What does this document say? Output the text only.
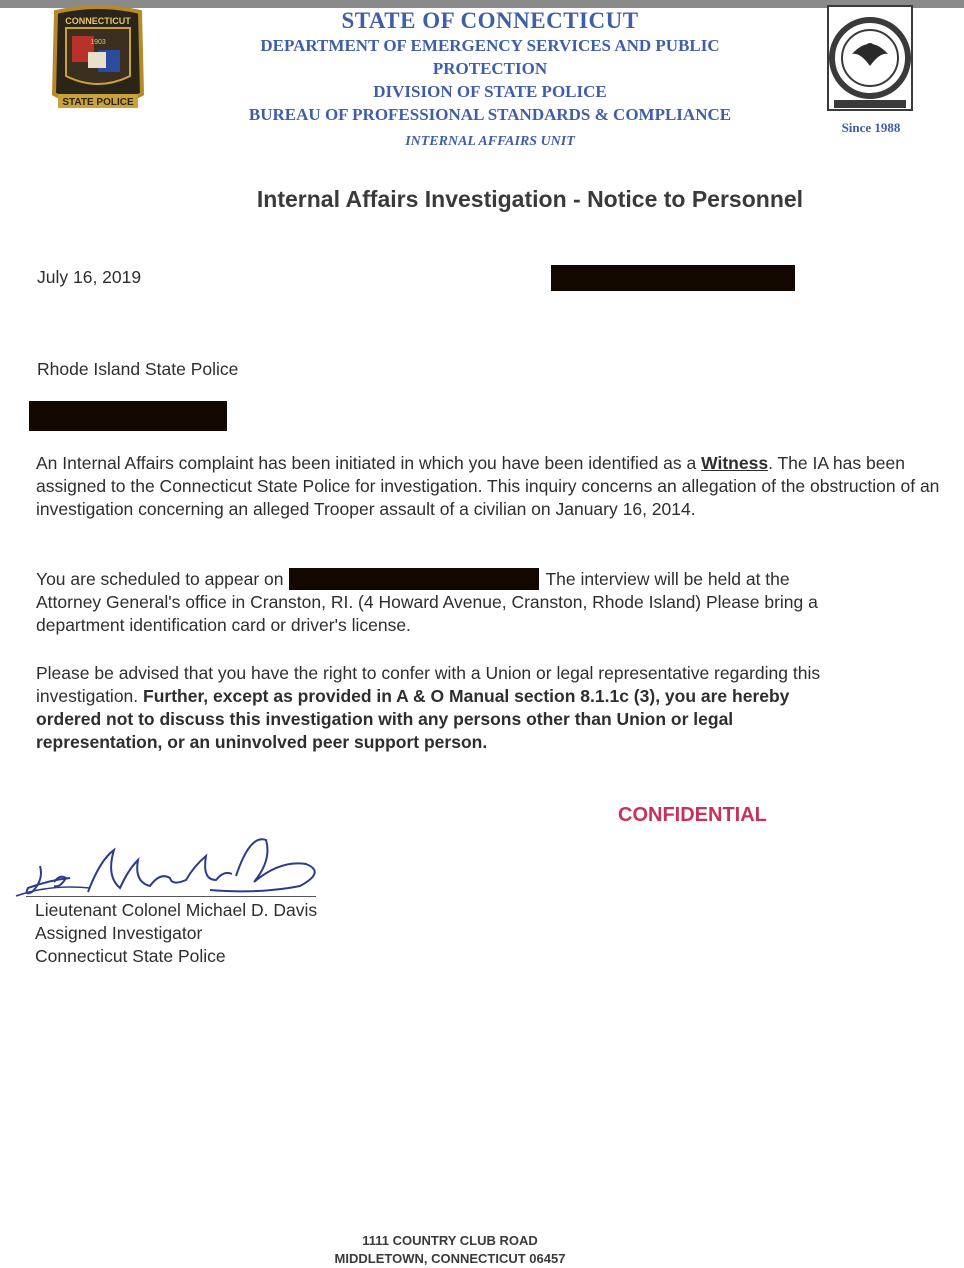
CONNECTICUT
1903
STATE POLICE
STATE OF CONNECTICUT
DEPARTMENT OF EMERGENCY SERVICES AND PUBLIC
PROTECTION
DIVISION OF STATE POLICE
BUREAU OF PROFESSIONAL STANDARDS & COMPLIANCE
INTERNAL AFFAIRS UNIT
Since 1988
Internal Affairs Investigation - Notice to Personnel
July 16, 2019
Rhode Island State Police
An Internal Affairs complaint has been initiated in which you have been identified as a Witness. The IA has been assigned to the Connecticut State Police for investigation. This inquiry concerns an allegation of the obstruction of an investigation concerning an alleged Trooper assault of a civilian on January 16, 2014.
You are scheduled to appear on	The interview will be held at the Attorney General's office in Cranston, RI. (4 Howard Avenue, Cranston, Rhode Island) Please bring a department identification card or driver's license.
Please be advised that you have the right to confer with a Union or legal representative regarding this investigation. Further, except as provided in A & O Manual section 8.1.1c (3), you are hereby ordered not to discuss this investigation with any persons other than Union or legal representation, or an uninvolved peer support person.
CONFIDENTIAL
Lieutenant Colonel Michael D. Davis
Assigned Investigator
Connecticut State Police
1111 COUNTRY CLUB ROAD
MIDDLETOWN, CONNECTICUT 06457
